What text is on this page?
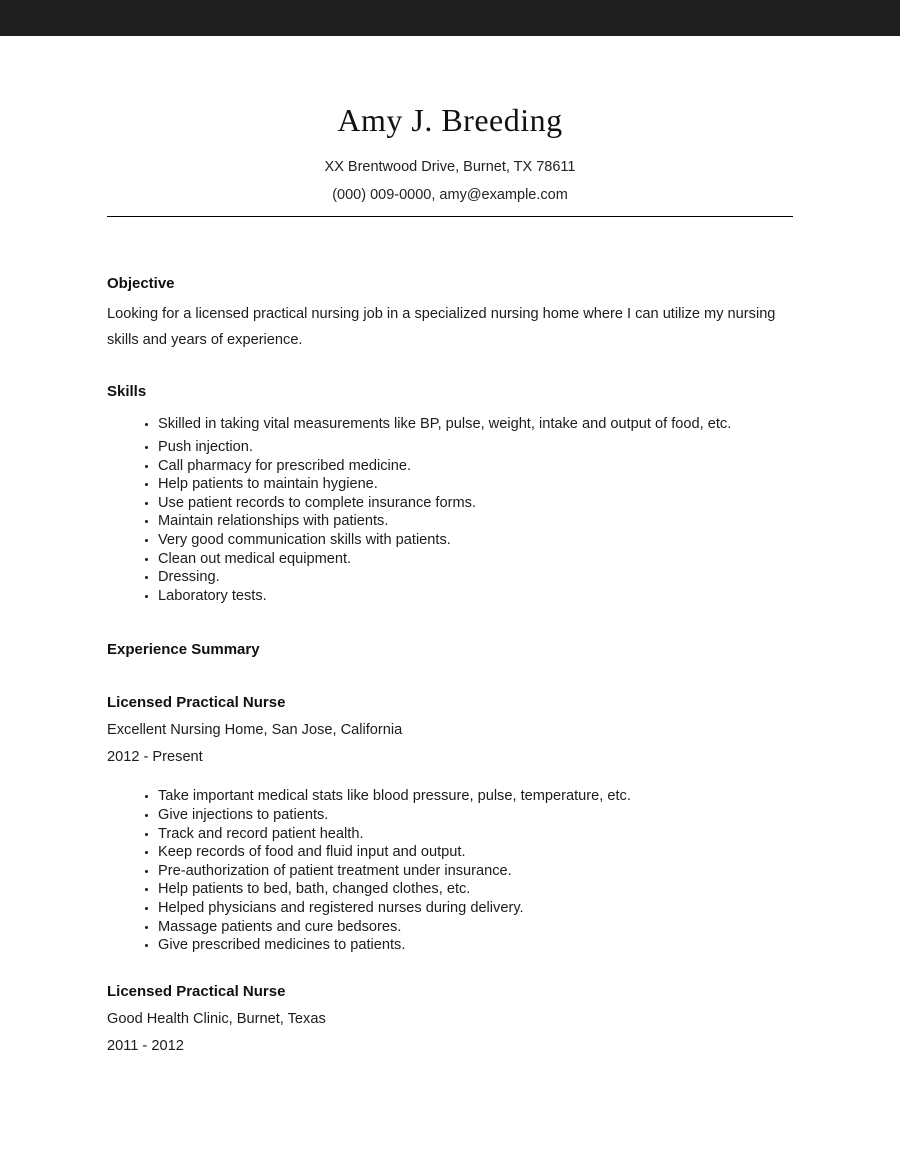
Amy J. Breeding
XX Brentwood Drive, Burnet, TX 78611
(000) 009-0000, amy@example.com
Objective
Looking for a licensed practical nursing job in a specialized nursing home where I can utilize my nursing skills and years of experience.
Skills
• Skilled in taking vital measurements like BP, pulse, weight, intake and output of food, etc.
• Push injection.
• Call pharmacy for prescribed medicine.
• Help patients to maintain hygiene.
• Use patient records to complete insurance forms.
• Maintain relationships with patients.
• Very good communication skills with patients.
• Clean out medical equipment.
• Dressing.
• Laboratory tests.
Experience Summary
Licensed Practical Nurse
Excellent Nursing Home, San Jose, California
2012 - Present
• Take important medical stats like blood pressure, pulse, temperature, etc.
• Give injections to patients.
• Track and record patient health.
• Keep records of food and fluid input and output.
• Pre-authorization of patient treatment under insurance.
• Help patients to bed, bath, changed clothes, etc.
• Helped physicians and registered nurses during delivery.
• Massage patients and cure bedsores.
• Give prescribed medicines to patients.
Licensed Practical Nurse
Good Health Clinic, Burnet, Texas
2011 - 2012
